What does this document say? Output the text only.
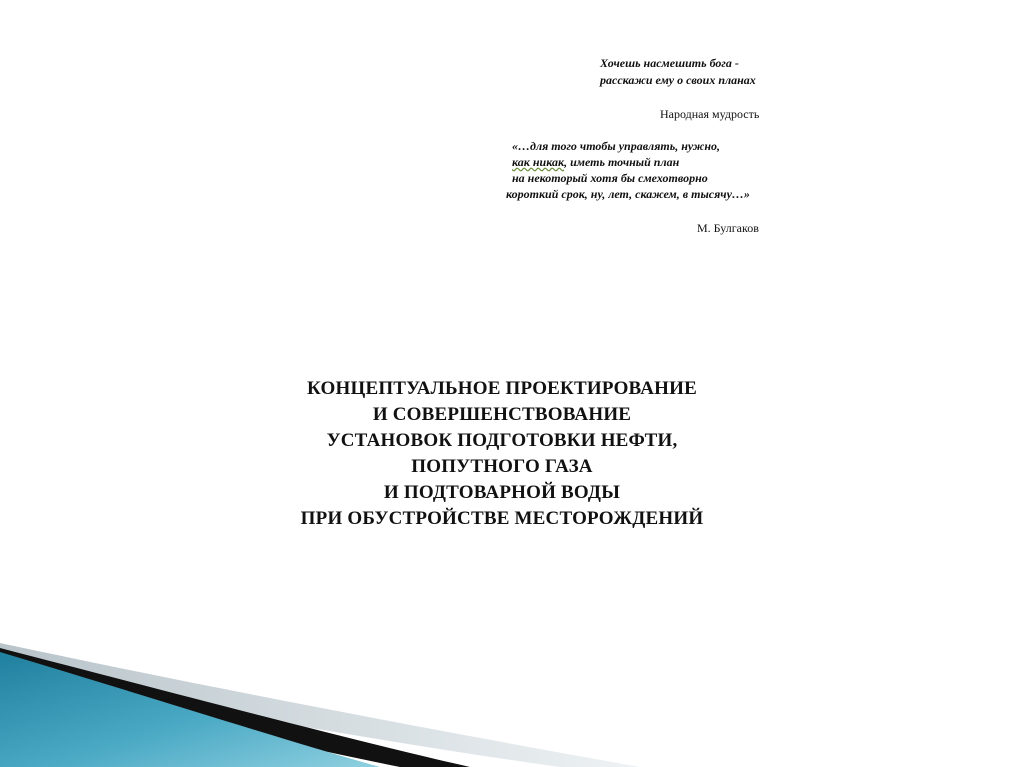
Хочешь насмешить бога -
расскажи ему о своих планах
Народная мудрость
«…для того чтобы управлять, нужно,
как никак, иметь точный план
на некоторый хотя бы смехотворно
короткий срок, ну, лет, скажем, в тысячу…»
М. Булгаков
КОНЦЕПТУАЛЬНОЕ ПРОЕКТИРОВАНИЕ
И СОВЕРШЕНСТВОВАНИЕ
УСТАНОВОК ПОДГОТОВКИ НЕФТИ,
ПОПУТНОГО ГАЗА
И ПОДТОВАРНОЙ ВОДЫ
ПРИ ОБУСТРОЙСТВЕ МЕСТОРОЖДЕНИЙ
